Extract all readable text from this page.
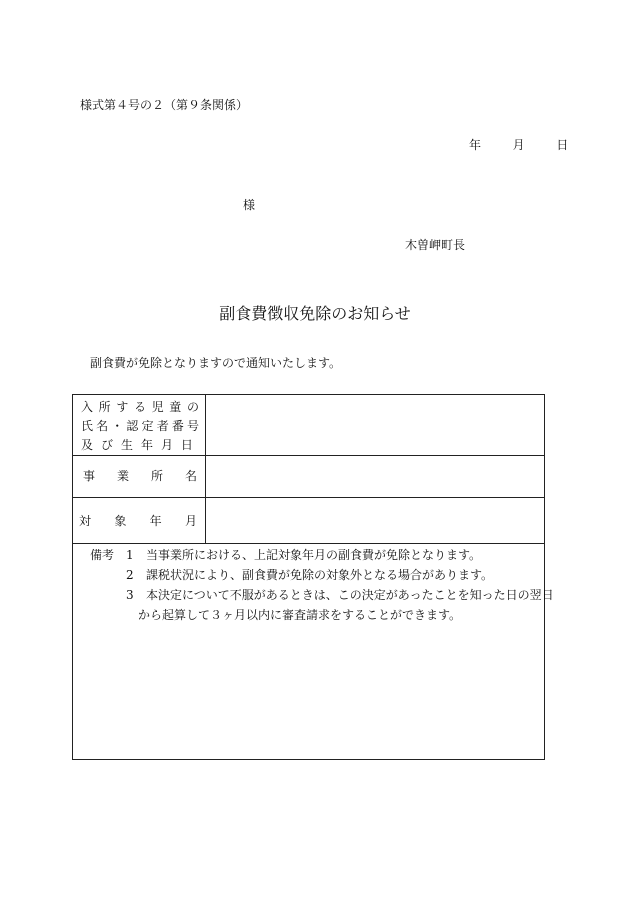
様式第４号の２（第９条関係）
年	月	日
様
木曽岬町長
副食費徴収免除のお知らせ
副食費が免除となりますので通知いたします。
入 所 す る 児 童 の
氏 名 ・ 認 定 者 番 号
及 び 生 年 月 日
事 業 所 名
対 象 年 月
備考 1 当事業所における、上記対象年月の副食費が免除となります。
2 課税状況により、副食費が免除の対象外となる場合があります。
3 本決定について不服があるときは、この決定があったことを知った日の翌日
から起算して３ヶ月以内に審査請求をすることができます。
